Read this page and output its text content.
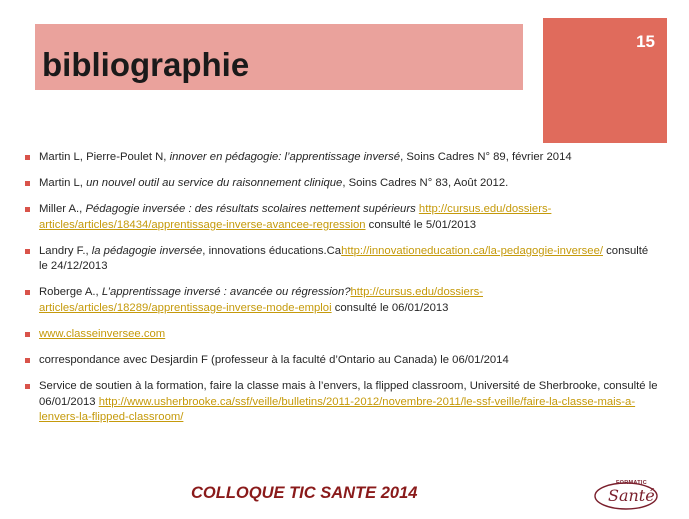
bibliographie
15
Martin L, Pierre-Poulet N, innover en pédagogie: l’apprentissage inversé, Soins Cadres N° 89, février 2014
Martin L, un nouvel outil au service du raisonnement clinique, Soins Cadres N° 83, Août 2012.
Miller A., Pédagogie inversée : des résultats scolaires nettement supérieurs http://cursus.edu/dossiers-articles/articles/18434/apprentissage-inverse-avancee-regression consulté le 5/01/2013
Landry F., la pédagogie inversée, innovations éducations.Cahttp://innovationeducation.ca/la-pedagogie-inversee/ consulté le 24/12/2013
Roberge A., L’apprentissage inversé : avancée ou régression?http://cursus.edu/dossiers-articles/articles/18289/apprentissage-inverse-mode-emploi consulté le 06/01/2013
www.classeinversee.com
correspondance avec Desjardin F (professeur à la faculté d’Ontario au Canada) le 06/01/2014
Service de soutien à la formation, faire la classe mais à l’envers, la flipped classroom, Université de Sherbrooke, consulté le 06/01/2013 http://www.usherbrooke.ca/ssf/veille/bulletins/2011-2012/novembre-2011/le-ssf-veille/faire-la-classe-mais-a-lenvers-la-flipped-classroom/
COLLOQUE TIC SANTE 2014
FORMATIC
Santé
